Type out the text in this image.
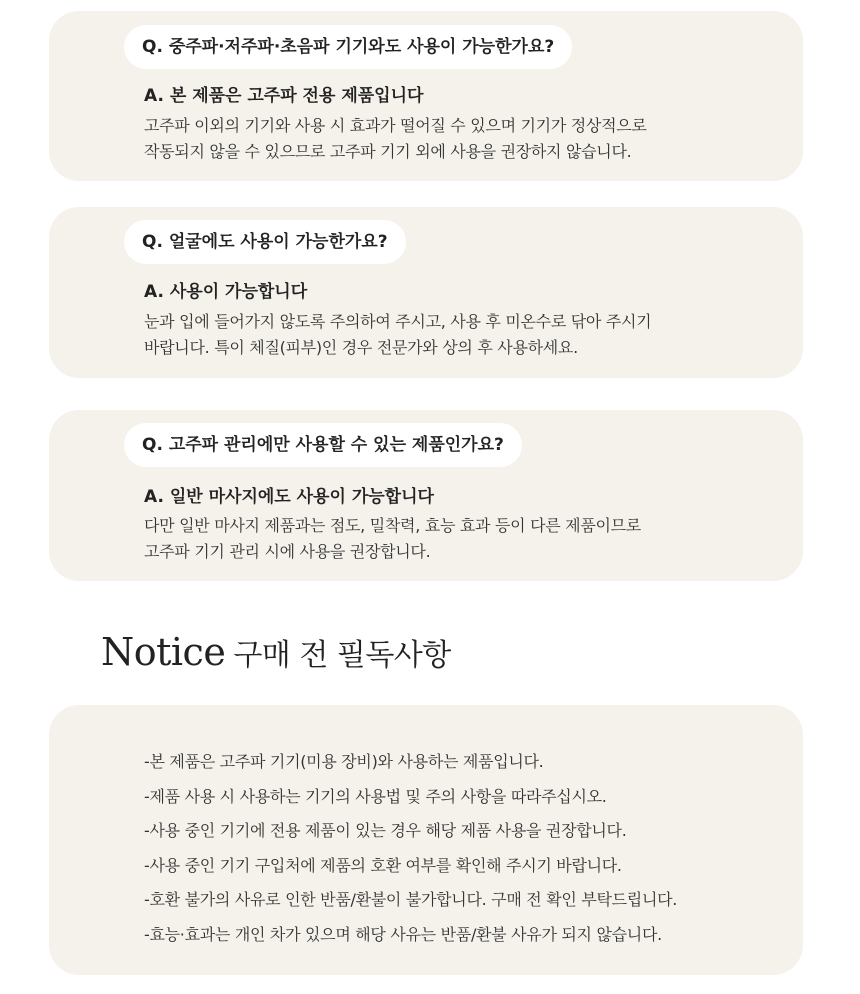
Q. 중주파·저주파·초음파 기기와도 사용이 가능한가요?
A. 본 제품은 고주파 전용 제품입니다
고주파 이외의 기기와 사용 시 효과가 떨어질 수 있으며 기기가 정상적으로
작동되지 않을 수 있으므로 고주파 기기 외에 사용을 권장하지 않습니다.
Q. 얼굴에도 사용이 가능한가요?
A. 사용이 가능합니다
눈과 입에 들어가지 않도록 주의하여 주시고, 사용 후 미온수로 닦아 주시기
바랍니다. 특이 체질(피부)인 경우 전문가와 상의 후 사용하세요.
Q. 고주파 관리에만 사용할 수 있는 제품인가요?
A. 일반 마사지에도 사용이 가능합니다
다만 일반 마사지 제품과는 점도, 밀착력, 효능 효과 등이 다른 제품이므로
고주파 기기 관리 시에 사용을 권장합니다.
Notice 구매 전 필독사항
-본 제품은 고주파 기기(미용 장비)와 사용하는 제품입니다.
-제품 사용 시 사용하는 기기의 사용법 및 주의 사항을 따라주십시오.
-사용 중인 기기에 전용 제품이 있는 경우 해당 제품 사용을 권장합니다.
-사용 중인 기기 구입처에 제품의 호환 여부를 확인해 주시기 바랍니다.
-호환 불가의 사유로 인한 반품/환불이 불가합니다. 구매 전 확인 부탁드립니다.
-효능·효과는 개인 차가 있으며 해당 사유는 반품/환불 사유가 되지 않습니다.
